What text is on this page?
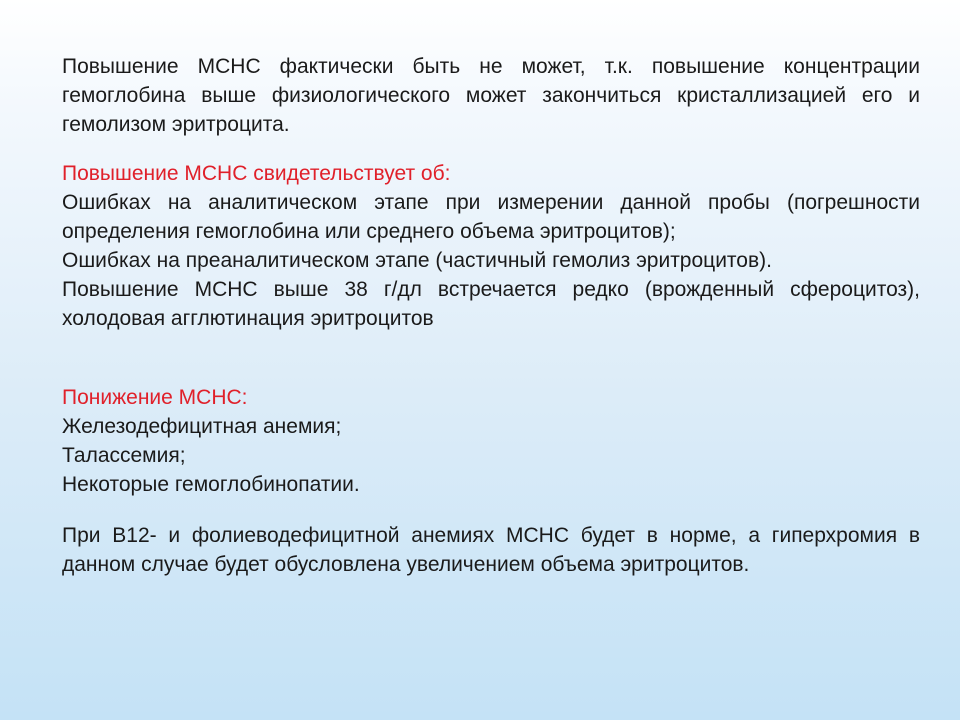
Повышение МСНС фактически быть не может, т.к. повышение концентрации гемоглобина выше физиологического может закончиться кристаллизацией его и гемолизом эритроцита.

Повышение МСНС свидетельствует об:

Ошибках на аналитическом этапе при измерении данной пробы (погрешности определения гемоглобина или среднего объема эритроцитов);

Ошибках на преаналитическом этапе (частичный гемолиз эритроцитов).

Повышение МСНС выше 38 г/дл встречается редко (врожденный сфероцитоз), холодовая агглютинация эритроцитов

Понижение МСНС:

Железодефицитная анемия;

Талассемия;

Некоторые гемоглобинопатии.

При В12- и фолиеводефицитной анемиях МСНС будет в норме, а гиперхромия в данном случае будет обусловлена увеличением объема эритроцитов.
